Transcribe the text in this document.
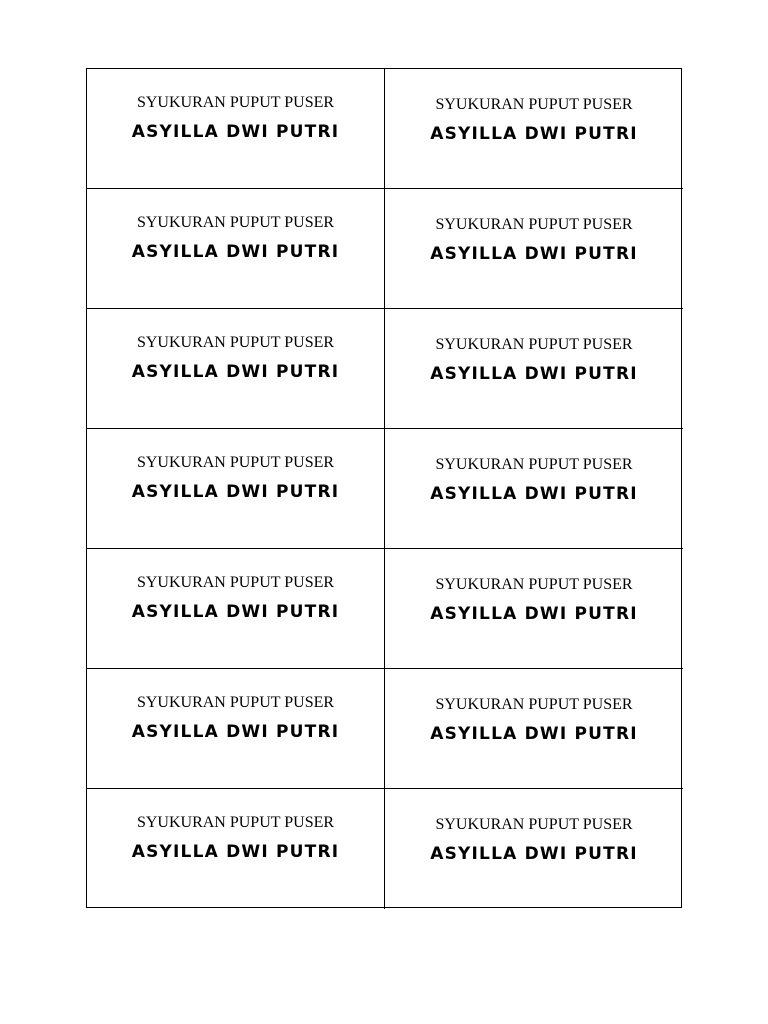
SYUKURAN PUPUT PUSER
ASYILLA DWI PUTRI
SYUKURAN PUPUT PUSER
ASYILLA DWI PUTRI
SYUKURAN PUPUT PUSER
ASYILLA DWI PUTRI
SYUKURAN PUPUT PUSER
ASYILLA DWI PUTRI
SYUKURAN PUPUT PUSER
ASYILLA DWI PUTRI
SYUKURAN PUPUT PUSER
ASYILLA DWI PUTRI
SYUKURAN PUPUT PUSER
ASYILLA DWI PUTRI
SYUKURAN PUPUT PUSER
ASYILLA DWI PUTRI
SYUKURAN PUPUT PUSER
ASYILLA DWI PUTRI
SYUKURAN PUPUT PUSER
ASYILLA DWI PUTRI
SYUKURAN PUPUT PUSER
ASYILLA DWI PUTRI
SYUKURAN PUPUT PUSER
ASYILLA DWI PUTRI
SYUKURAN PUPUT PUSER
ASYILLA DWI PUTRI
SYUKURAN PUPUT PUSER
ASYILLA DWI PUTRI
